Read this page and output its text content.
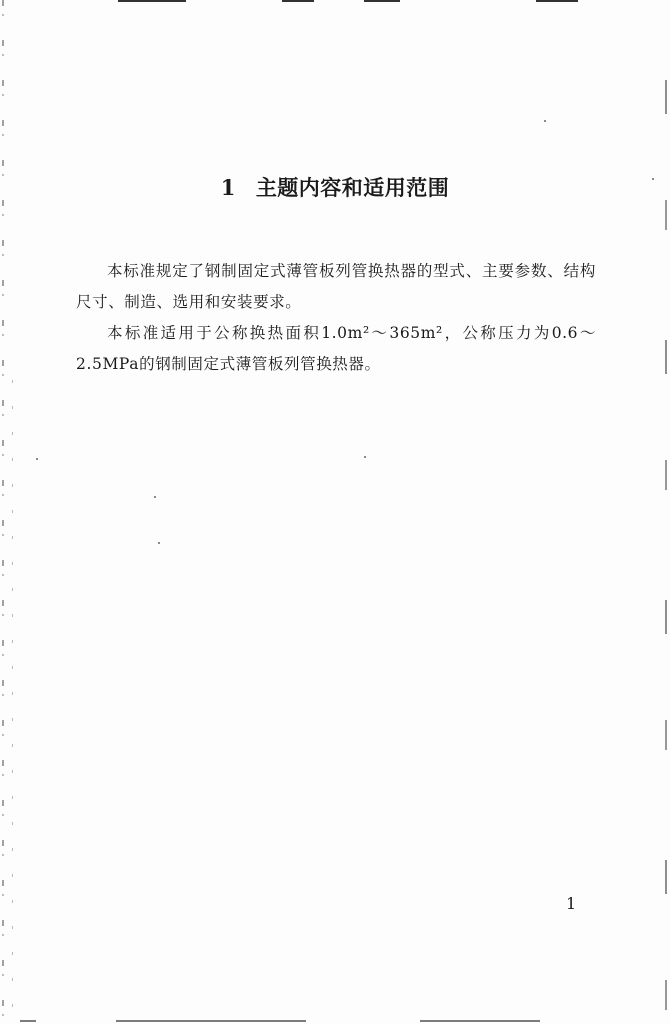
1 主题内容和适用范围

本标准规定了钢制固定式薄管板列管换热器的型式、主要参数、结构尺寸、制造、选用和安装要求。

本标准适用于公称换热面积1.0m²～365m²，公称压力为0.6～2.5MPa的钢制固定式薄管板列管换热器。

1
